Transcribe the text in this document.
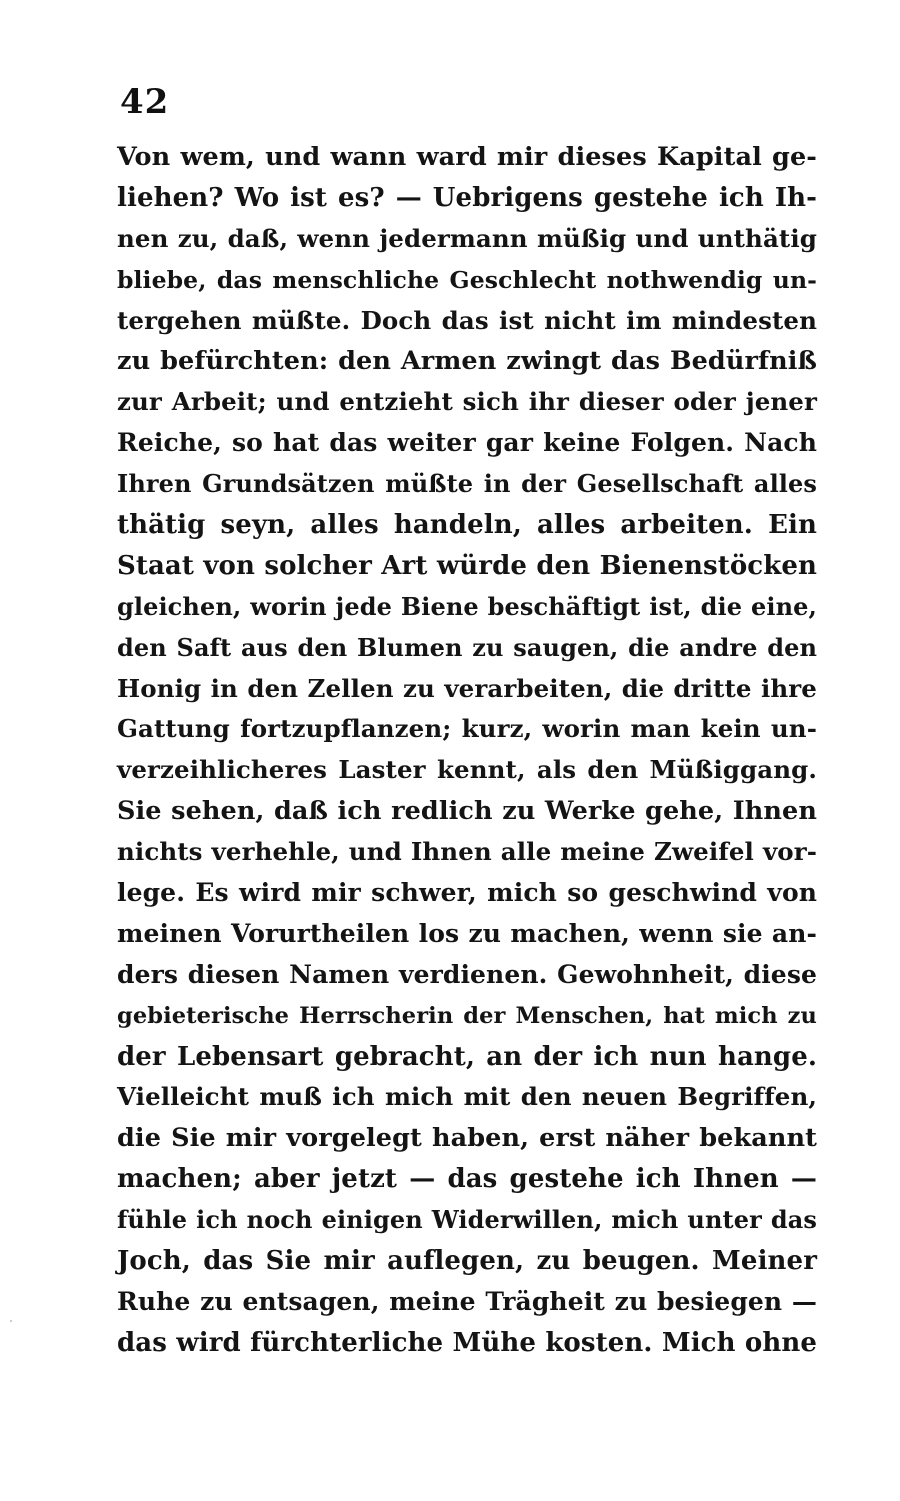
42
Von wem, und wann ward mir dieses Kapital ge-
liehen? Wo ist es? — Uebrigens gestehe ich Ih-
nen zu, daß, wenn jedermann müßig und unthätig
bliebe, das menschliche Geschlecht nothwendig un-
tergehen müßte. Doch das ist nicht im mindesten
zu befürchten: den Armen zwingt das Bedürfniß
zur Arbeit; und entzieht sich ihr dieser oder jener
Reiche, so hat das weiter gar keine Folgen. Nach
Ihren Grundsätzen müßte in der Gesellschaft alles
thätig seyn, alles handeln, alles arbeiten. Ein
Staat von solcher Art würde den Bienenstöcken
gleichen, worin jede Biene beschäftigt ist, die eine,
den Saft aus den Blumen zu saugen, die andre den
Honig in den Zellen zu verarbeiten, die dritte ihre
Gattung fortzupflanzen; kurz, worin man kein un-
verzeihlicheres Laster kennt, als den Müßiggang.
Sie sehen, daß ich redlich zu Werke gehe, Ihnen
nichts verhehle, und Ihnen alle meine Zweifel vor-
lege. Es wird mir schwer, mich so geschwind von
meinen Vorurtheilen los zu machen, wenn sie an-
ders diesen Namen verdienen. Gewohnheit, diese
gebieterische Herrscherin der Menschen, hat mich zu
der Lebensart gebracht, an der ich nun hange.
Vielleicht muß ich mich mit den neuen Begriffen,
die Sie mir vorgelegt haben, erst näher bekannt
machen; aber jetzt — das gestehe ich Ihnen —
fühle ich noch einigen Widerwillen, mich unter das
Joch, das Sie mir auflegen, zu beugen. Meiner
Ruhe zu entsagen, meine Trägheit zu besiegen —
das wird fürchterliche Mühe kosten. Mich ohne
